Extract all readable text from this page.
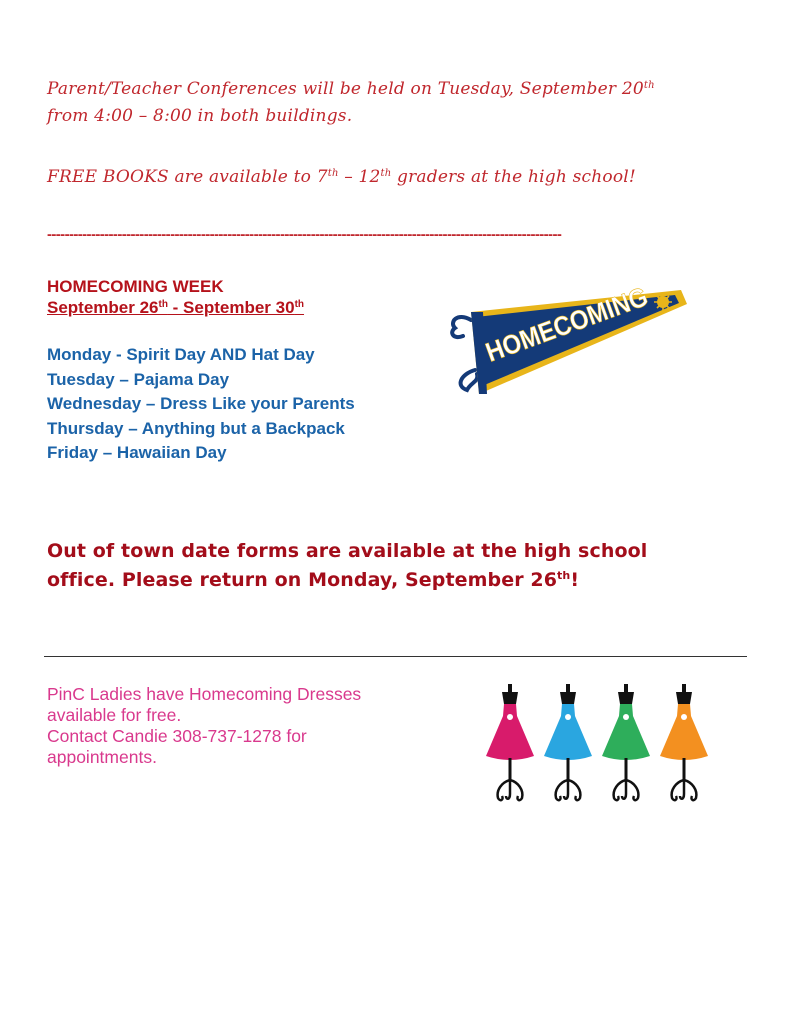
Parent/Teacher Conferences will be held on Tuesday, September 20th
from 4:00 – 8:00 in both buildings.
FREE BOOKS are available to 7th – 12th graders at the high school!
---------------------------------------------------------------------------------------------------------------------
HOMECOMING WEEK
September 26th - September 30th
Monday - Spirit Day AND Hat Day
Tuesday – Pajama Day
Wednesday – Dress Like your Parents
Thursday – Anything but a Backpack
Friday – Hawaiian Day
HOMECOMING
Out of town date forms are available at the high school
office. Please return on Monday, September 26th!
PinC Ladies have Homecoming Dresses
available for free.
Contact Candie 308-737-1278 for
appointments.
